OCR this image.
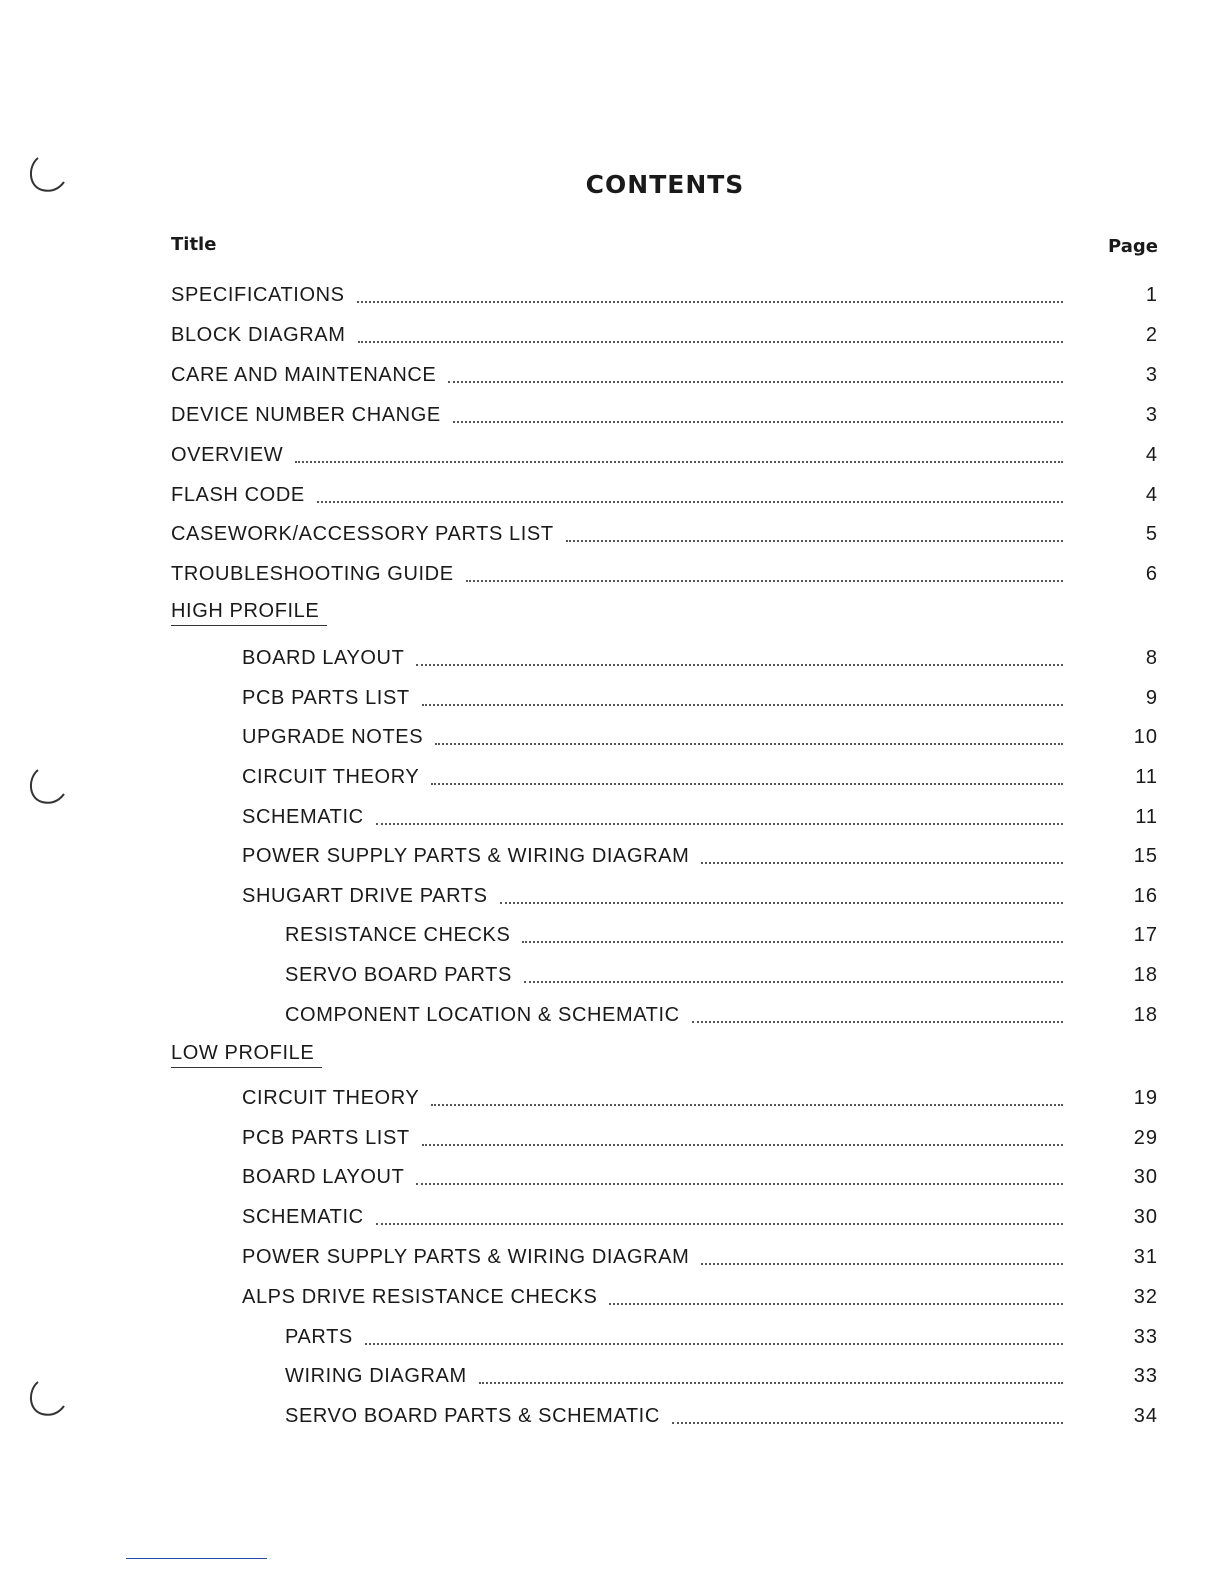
CONTENTS
Title	Page
SPECIFICATIONS	1
BLOCK DIAGRAM	2
CARE AND MAINTENANCE	3
DEVICE NUMBER CHANGE	3
OVERVIEW	4
FLASH CODE	4
CASEWORK/ACCESSORY PARTS LIST	5
TROUBLESHOOTING GUIDE	6
HIGH PROFILE
BOARD LAYOUT	8
PCB PARTS LIST	9
UPGRADE NOTES	10
CIRCUIT THEORY	11
SCHEMATIC	11
POWER SUPPLY PARTS & WIRING DIAGRAM	15
SHUGART DRIVE PARTS	16
RESISTANCE CHECKS	17
SERVO BOARD PARTS	18
COMPONENT LOCATION & SCHEMATIC	18
LOW PROFILE
CIRCUIT THEORY	19
PCB PARTS LIST	29
BOARD LAYOUT	30
SCHEMATIC	30
POWER SUPPLY PARTS & WIRING DIAGRAM	31
ALPS DRIVE RESISTANCE CHECKS	32
PARTS	33
WIRING DIAGRAM	33
SERVO BOARD PARTS & SCHEMATIC	34
